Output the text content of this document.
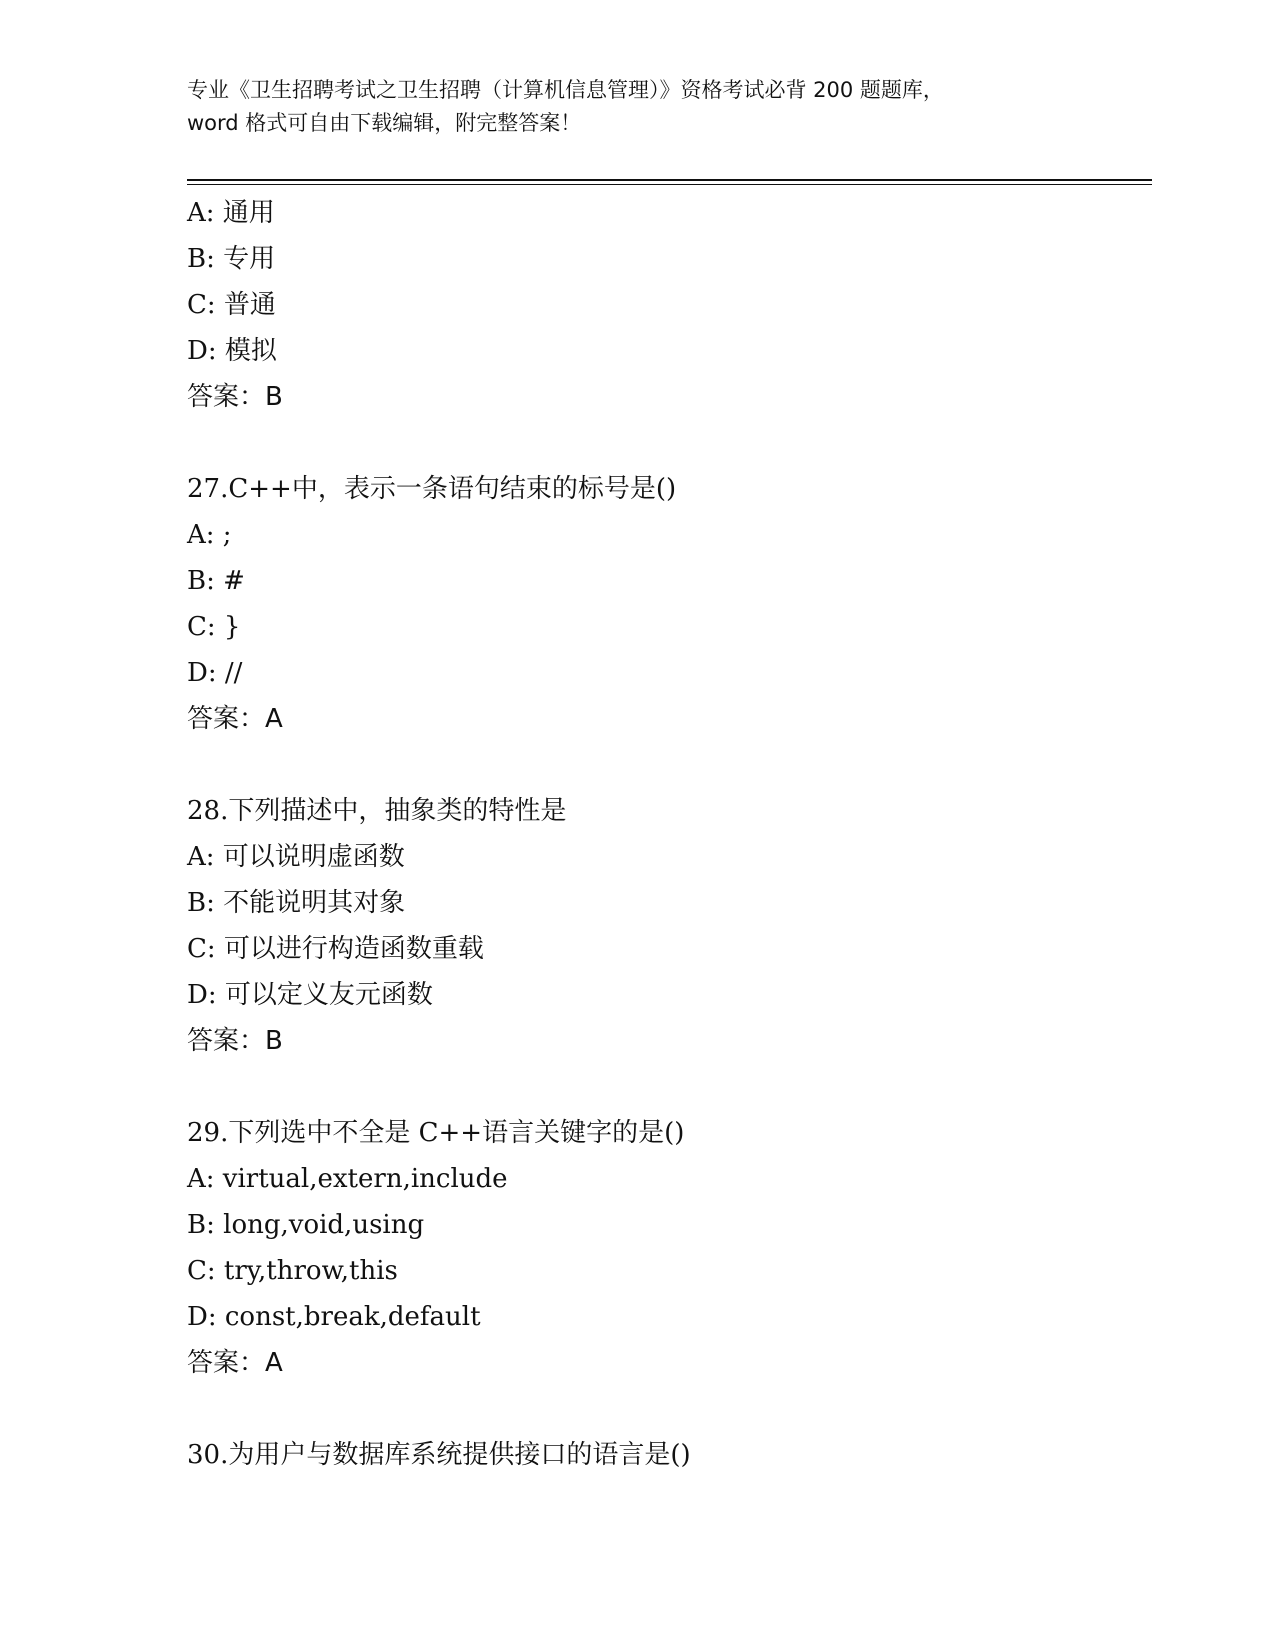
专业《卫生招聘考试之卫生招聘（计算机信息管理）》资格考试必背 200 题题库，
word 格式可自由下载编辑，附完整答案！
A: 通用
B: 专用
C: 普通
D: 模拟
答案：B
27.C++中，表示一条语句结束的标号是()
A: ;
B: #
C: }
D: //
答案：A
28.下列描述中，抽象类的特性是
A: 可以说明虚函数
B: 不能说明其对象
C: 可以进行构造函数重载
D: 可以定义友元函数
答案：B
29.下列选中不全是 C++语言关键字的是()
A: virtual,extern,include
B: long,void,using
C: try,throw,this
D: const,break,default
答案：A
30.为用户与数据库系统提供接口的语言是()
